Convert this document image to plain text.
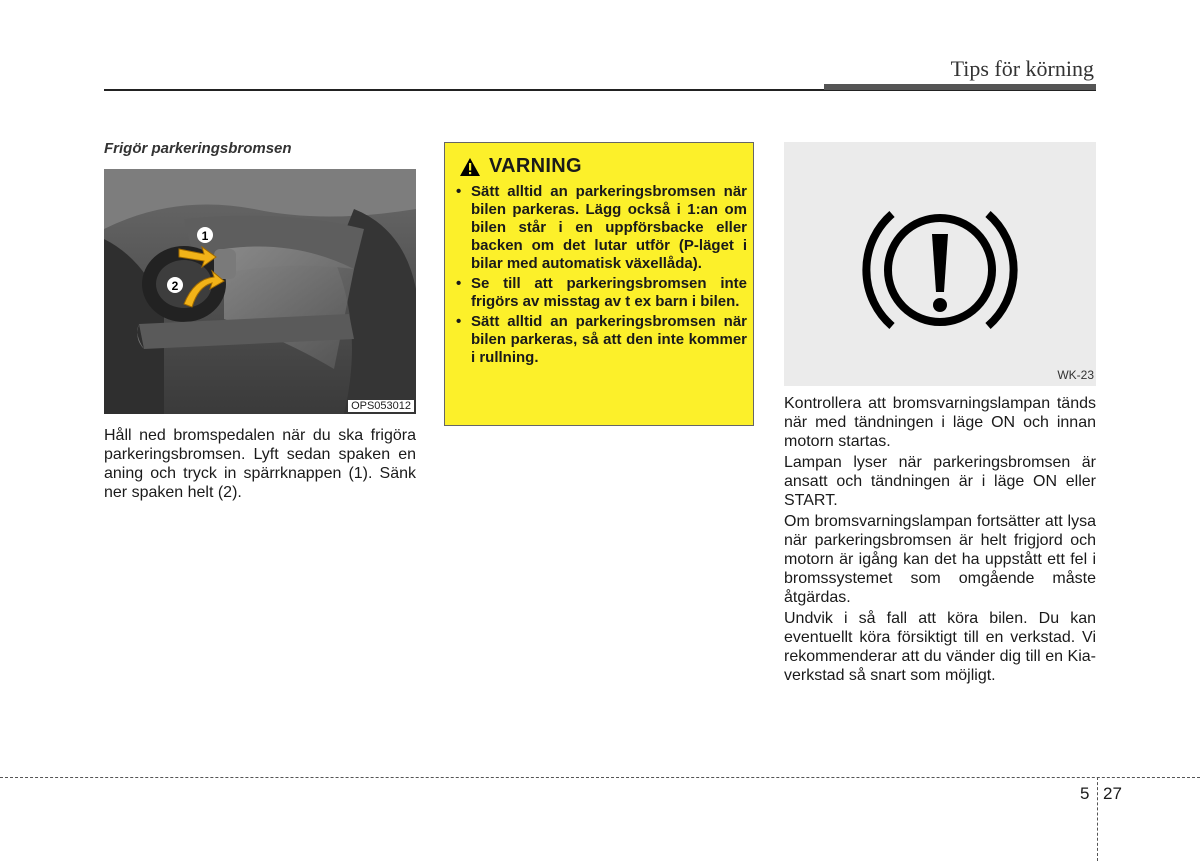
Tips för körning
Frigör parkeringsbromsen
1
2
OPS053012

Håll ned bromspedalen när du ska frigöra parkeringsbromsen. Lyft sedan spaken en aning och tryck in spärrknappen (1). Sänk ner spaken helt (2).

VARNING
• Sätt alltid an parkeringsbromsen när bilen parkeras. Lägg också i 1:an om bilen står i en uppförsbacke eller backen om det lutar utför (P-läget i bilar med automatisk växellåda).
• Se till att parkeringsbromsen inte frigörs av misstag av t ex barn i bilen.
• Sätt alltid an parkeringsbromsen när bilen parkeras, så att den inte kommer i rullning.
WK-23

Kontrollera att bromsvarningslampan tänds när med tändningen i läge ON och innan motorn startas.

Lampan lyser när parkeringsbromsen är ansatt och tändningen är i läge ON eller START.

Om bromsvarningslampan fortsätter att lysa när parkeringsbromsen är helt frigjord och motorn är igång kan det ha uppstått ett fel i bromssystemet som omgående måste åtgärdas.

Undvik i så fall att köra bilen. Du kan eventuellt köra försiktigt till en verkstad. Vi rekommenderar att du vänder dig till en Kia-verkstad så snart som möjligt.

5 27
